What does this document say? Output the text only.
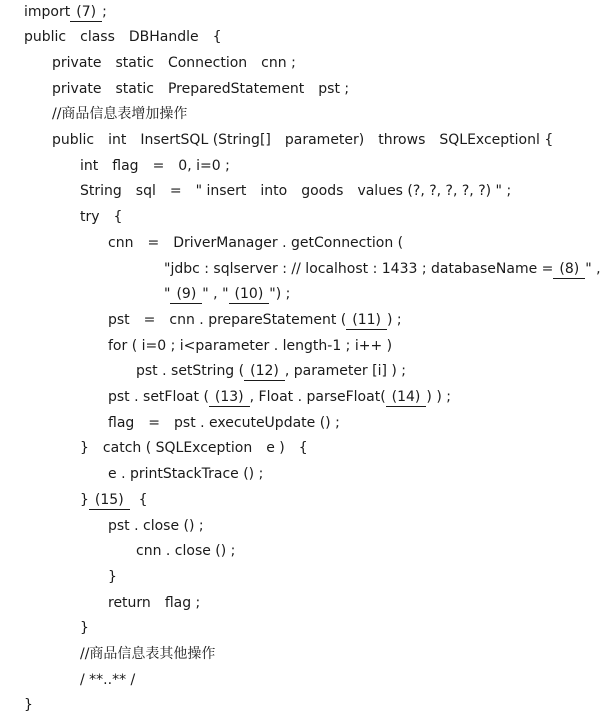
import (7) ;
public class DBHandle {
private static Connection cnn ;
private static PreparedStatement pst ;
//商品信息表增加操作
public int InsertSQL (String[] parameter) throws SQLExceptionl {
int flag = 0, i=0 ;
String sql = " insert into goods values (?, ?, ?, ?, ?) " ;
try {
cnn = DriverManager . getConnection (
"jdbc : sqlserver : // localhost : 1433 ; databaseName = (8) " ,
" (9) " , " (10) ") ;
pst = cnn . prepareStatement ( (11) ) ;
for ( i=0 ; i<parameter . length-1 ; i++ )
pst . setString ( (12) , parameter [i] ) ;
pst . setFloat ( (13) , Float . parseFloat( (14) ) ) ;
flag = pst . executeUpdate () ;
} catch ( SQLException e ) {
e . printStackTrace () ;
} (15) {
pst . close () ;
cnn . close () ;
}
return flag ;
}
//商品信息表其他操作
/ **..** /
}
